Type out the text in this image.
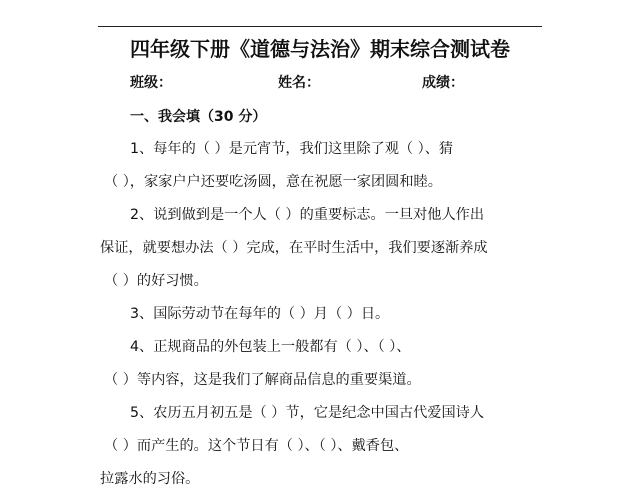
四年级下册《道德与法治》期末综合测试卷
班级：	姓名：	成绩：
一、我会填（30 分）
1、每年的（ ）是元宵节，我们这里除了观（ ）、猜
（ ），家家户户还要吃汤圆，意在祝愿一家团圆和睦。
2、说到做到是一个人（ ）的重要标志。一旦对他人作出
保证，就要想办法（ ）完成，在平时生活中，我们要逐渐养成
（ ）的好习惯。
3、国际劳动节在每年的（ ）月（ ）日。
4、正规商品的外包装上一般都有（ ）、（ ）、
（ ）等内容，这是我们了解商品信息的重要渠道。
5、农历五月初五是（ ）节，它是纪念中国古代爱国诗人
（ ）而产生的。这个节日有（ ）、（ ）、戴香包、
拉露水的习俗。
